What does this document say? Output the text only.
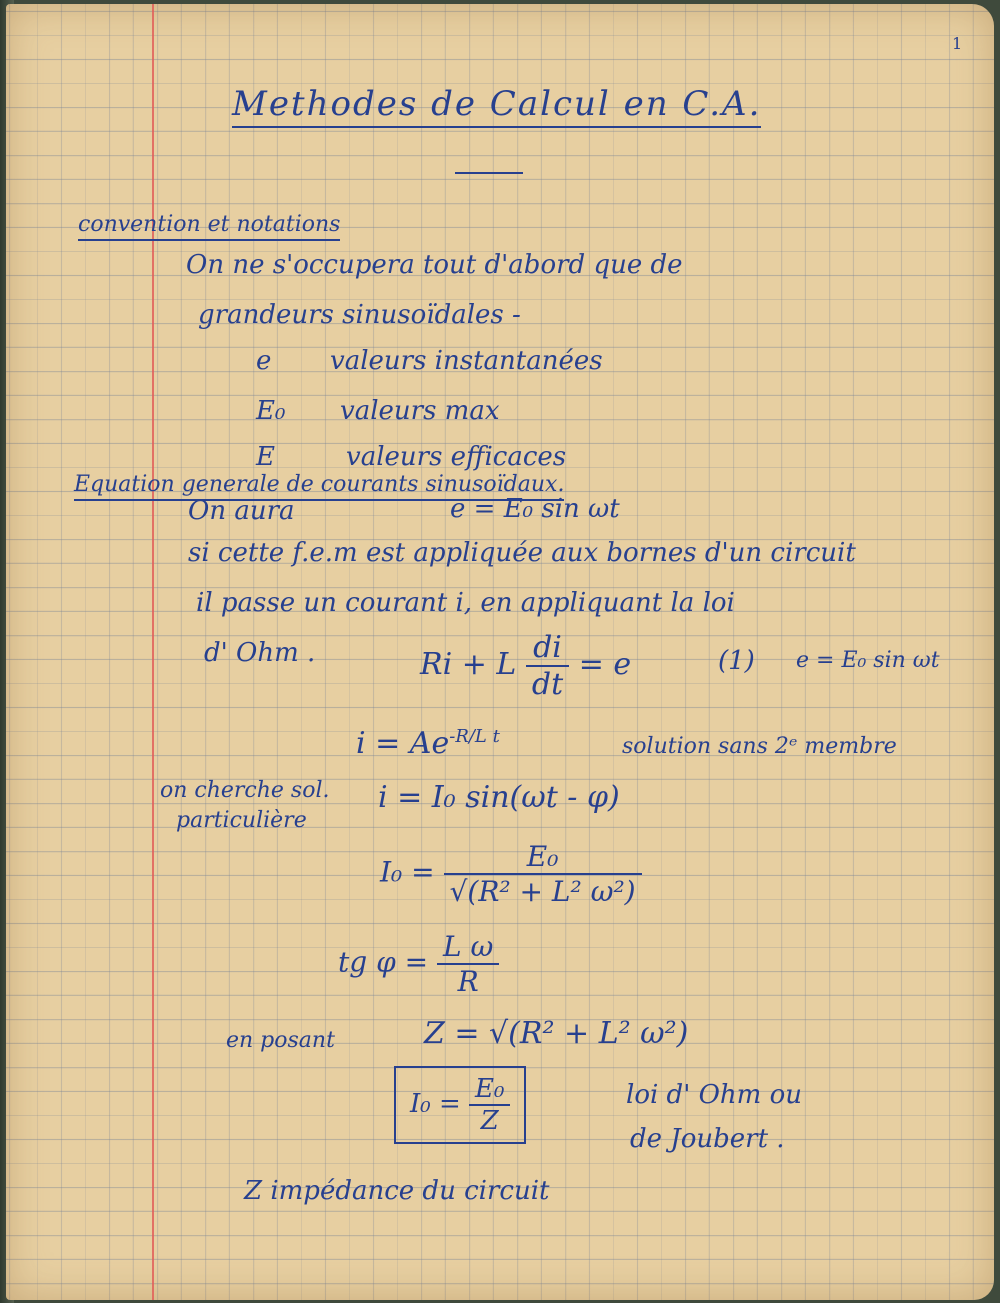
1
Methodes de Calcul en C.A.
convention et notations
On ne s'occupera tout d'abord que de
grandeurs sinusoïdales -
e valeurs instantanées
E₀ valeurs max
E	valeurs efficaces
Equation generale de courants sinusoïdaux.
On aura	e = E₀ sin ωt
si cette f.e.m est appliquée aux bornes d'un circuit
il passe un courant i, en appliquant la loi
d' Ohm .	Ri + L $\frac{di}{dt} = e$	(1) e = E₀ sin ωt
$i = Ae^{-R/L t}$	solution sans 2ᵉ membre
on cherche sol.
particulière
i = I₀ sin(ωt - φ)
$I_0 = \frac{\text{E₀}}{\text{√(R² + L² ω²)}}$
tg $\varphi = \frac{\text{L ω}}{R}$
en posant	Z = √(R² + L² ω²)
$I_0 = \frac{\text{E₀}}{Z}$	loi d' Ohm ou
de Joubert .
Z impédance du circuit
